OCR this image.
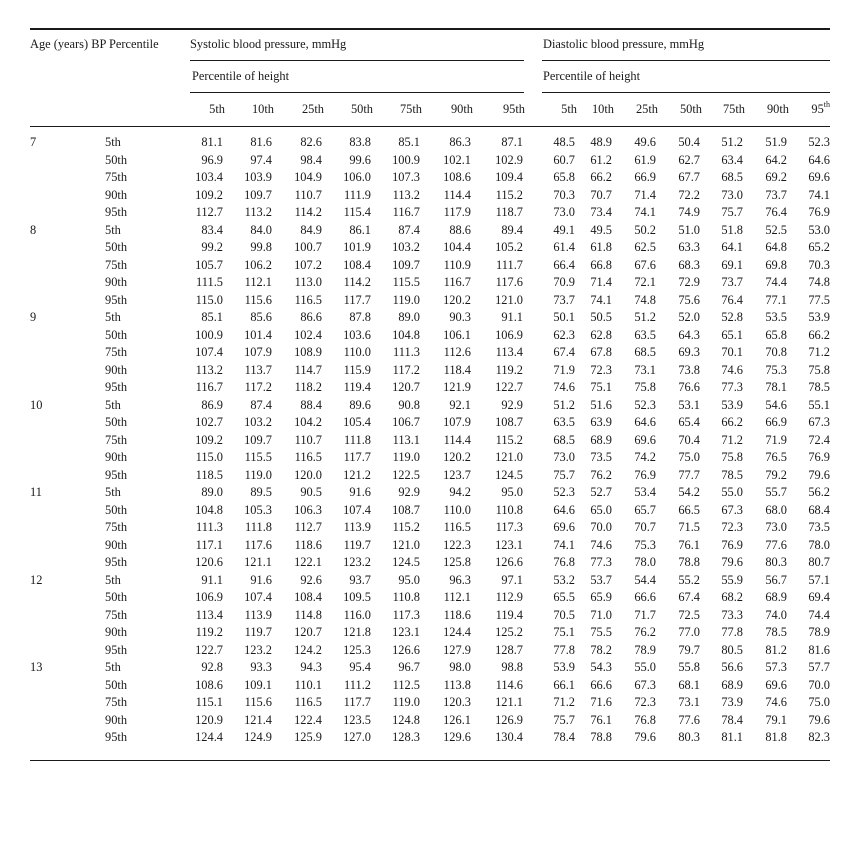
Age (years) BP Percentile	Systolic blood pressure, mmHg	Diastolic blood pressure, mmHg
Percentile of height	Percentile of height
5th	10th	25th	50th	75th	90th	95th	5th	10th	25th	50th	75th	90th	95th
7	5th	81.1	81.6	82.6	83.8	85.1	86.3	87.1	48.5	48.9	49.6	50.4	51.2	51.9	52.3
50th	96.9	97.4	98.4	99.6	100.9	102.1	102.9	60.7	61.2	61.9	62.7	63.4	64.2	64.6
75th	103.4	103.9	104.9	106.0	107.3	108.6	109.4	65.8	66.2	66.9	67.7	68.5	69.2	69.6
90th	109.2	109.7	110.7	111.9	113.2	114.4	115.2	70.3	70.7	71.4	72.2	73.0	73.7	74.1
95th	112.7	113.2	114.2	115.4	116.7	117.9	118.7	73.0	73.4	74.1	74.9	75.7	76.4	76.9
8	5th	83.4	84.0	84.9	86.1	87.4	88.6	89.4	49.1	49.5	50.2	51.0	51.8	52.5	53.0
50th	99.2	99.8	100.7	101.9	103.2	104.4	105.2	61.4	61.8	62.5	63.3	64.1	64.8	65.2
75th	105.7	106.2	107.2	108.4	109.7	110.9	111.7	66.4	66.8	67.6	68.3	69.1	69.8	70.3
90th	111.5	112.1	113.0	114.2	115.5	116.7	117.6	70.9	71.4	72.1	72.9	73.7	74.4	74.8
95th	115.0	115.6	116.5	117.7	119.0	120.2	121.0	73.7	74.1	74.8	75.6	76.4	77.1	77.5
9	5th	85.1	85.6	86.6	87.8	89.0	90.3	91.1	50.1	50.5	51.2	52.0	52.8	53.5	53.9
50th	100.9	101.4	102.4	103.6	104.8	106.1	106.9	62.3	62.8	63.5	64.3	65.1	65.8	66.2
75th	107.4	107.9	108.9	110.0	111.3	112.6	113.4	67.4	67.8	68.5	69.3	70.1	70.8	71.2
90th	113.2	113.7	114.7	115.9	117.2	118.4	119.2	71.9	72.3	73.1	73.8	74.6	75.3	75.8
95th	116.7	117.2	118.2	119.4	120.7	121.9	122.7	74.6	75.1	75.8	76.6	77.3	78.1	78.5
10	5th	86.9	87.4	88.4	89.6	90.8	92.1	92.9	51.2	51.6	52.3	53.1	53.9	54.6	55.1
50th	102.7	103.2	104.2	105.4	106.7	107.9	108.7	63.5	63.9	64.6	65.4	66.2	66.9	67.3
75th	109.2	109.7	110.7	111.8	113.1	114.4	115.2	68.5	68.9	69.6	70.4	71.2	71.9	72.4
90th	115.0	115.5	116.5	117.7	119.0	120.2	121.0	73.0	73.5	74.2	75.0	75.8	76.5	76.9
95th	118.5	119.0	120.0	121.2	122.5	123.7	124.5	75.7	76.2	76.9	77.7	78.5	79.2	79.6
11	5th	89.0	89.5	90.5	91.6	92.9	94.2	95.0	52.3	52.7	53.4	54.2	55.0	55.7	56.2
50th	104.8	105.3	106.3	107.4	108.7	110.0	110.8	64.6	65.0	65.7	66.5	67.3	68.0	68.4
75th	111.3	111.8	112.7	113.9	115.2	116.5	117.3	69.6	70.0	70.7	71.5	72.3	73.0	73.5
90th	117.1	117.6	118.6	119.7	121.0	122.3	123.1	74.1	74.6	75.3	76.1	76.9	77.6	78.0
95th	120.6	121.1	122.1	123.2	124.5	125.8	126.6	76.8	77.3	78.0	78.8	79.6	80.3	80.7
12	5th	91.1	91.6	92.6	93.7	95.0	96.3	97.1	53.2	53.7	54.4	55.2	55.9	56.7	57.1
50th	106.9	107.4	108.4	109.5	110.8	112.1	112.9	65.5	65.9	66.6	67.4	68.2	68.9	69.4
75th	113.4	113.9	114.8	116.0	117.3	118.6	119.4	70.5	71.0	71.7	72.5	73.3	74.0	74.4
90th	119.2	119.7	120.7	121.8	123.1	124.4	125.2	75.1	75.5	76.2	77.0	77.8	78.5	78.9
95th	122.7	123.2	124.2	125.3	126.6	127.9	128.7	77.8	78.2	78.9	79.7	80.5	81.2	81.6
13	5th	92.8	93.3	94.3	95.4	96.7	98.0	98.8	53.9	54.3	55.0	55.8	56.6	57.3	57.7
50th	108.6	109.1	110.1	111.2	112.5	113.8	114.6	66.1	66.6	67.3	68.1	68.9	69.6	70.0
75th	115.1	115.6	116.5	117.7	119.0	120.3	121.1	71.2	71.6	72.3	73.1	73.9	74.6	75.0
90th	120.9	121.4	122.4	123.5	124.8	126.1	126.9	75.7	76.1	76.8	77.6	78.4	79.1	79.6
95th	124.4	124.9	125.9	127.0	128.3	129.6	130.4	78.4	78.8	79.6	80.3	81.1	81.8	82.3
